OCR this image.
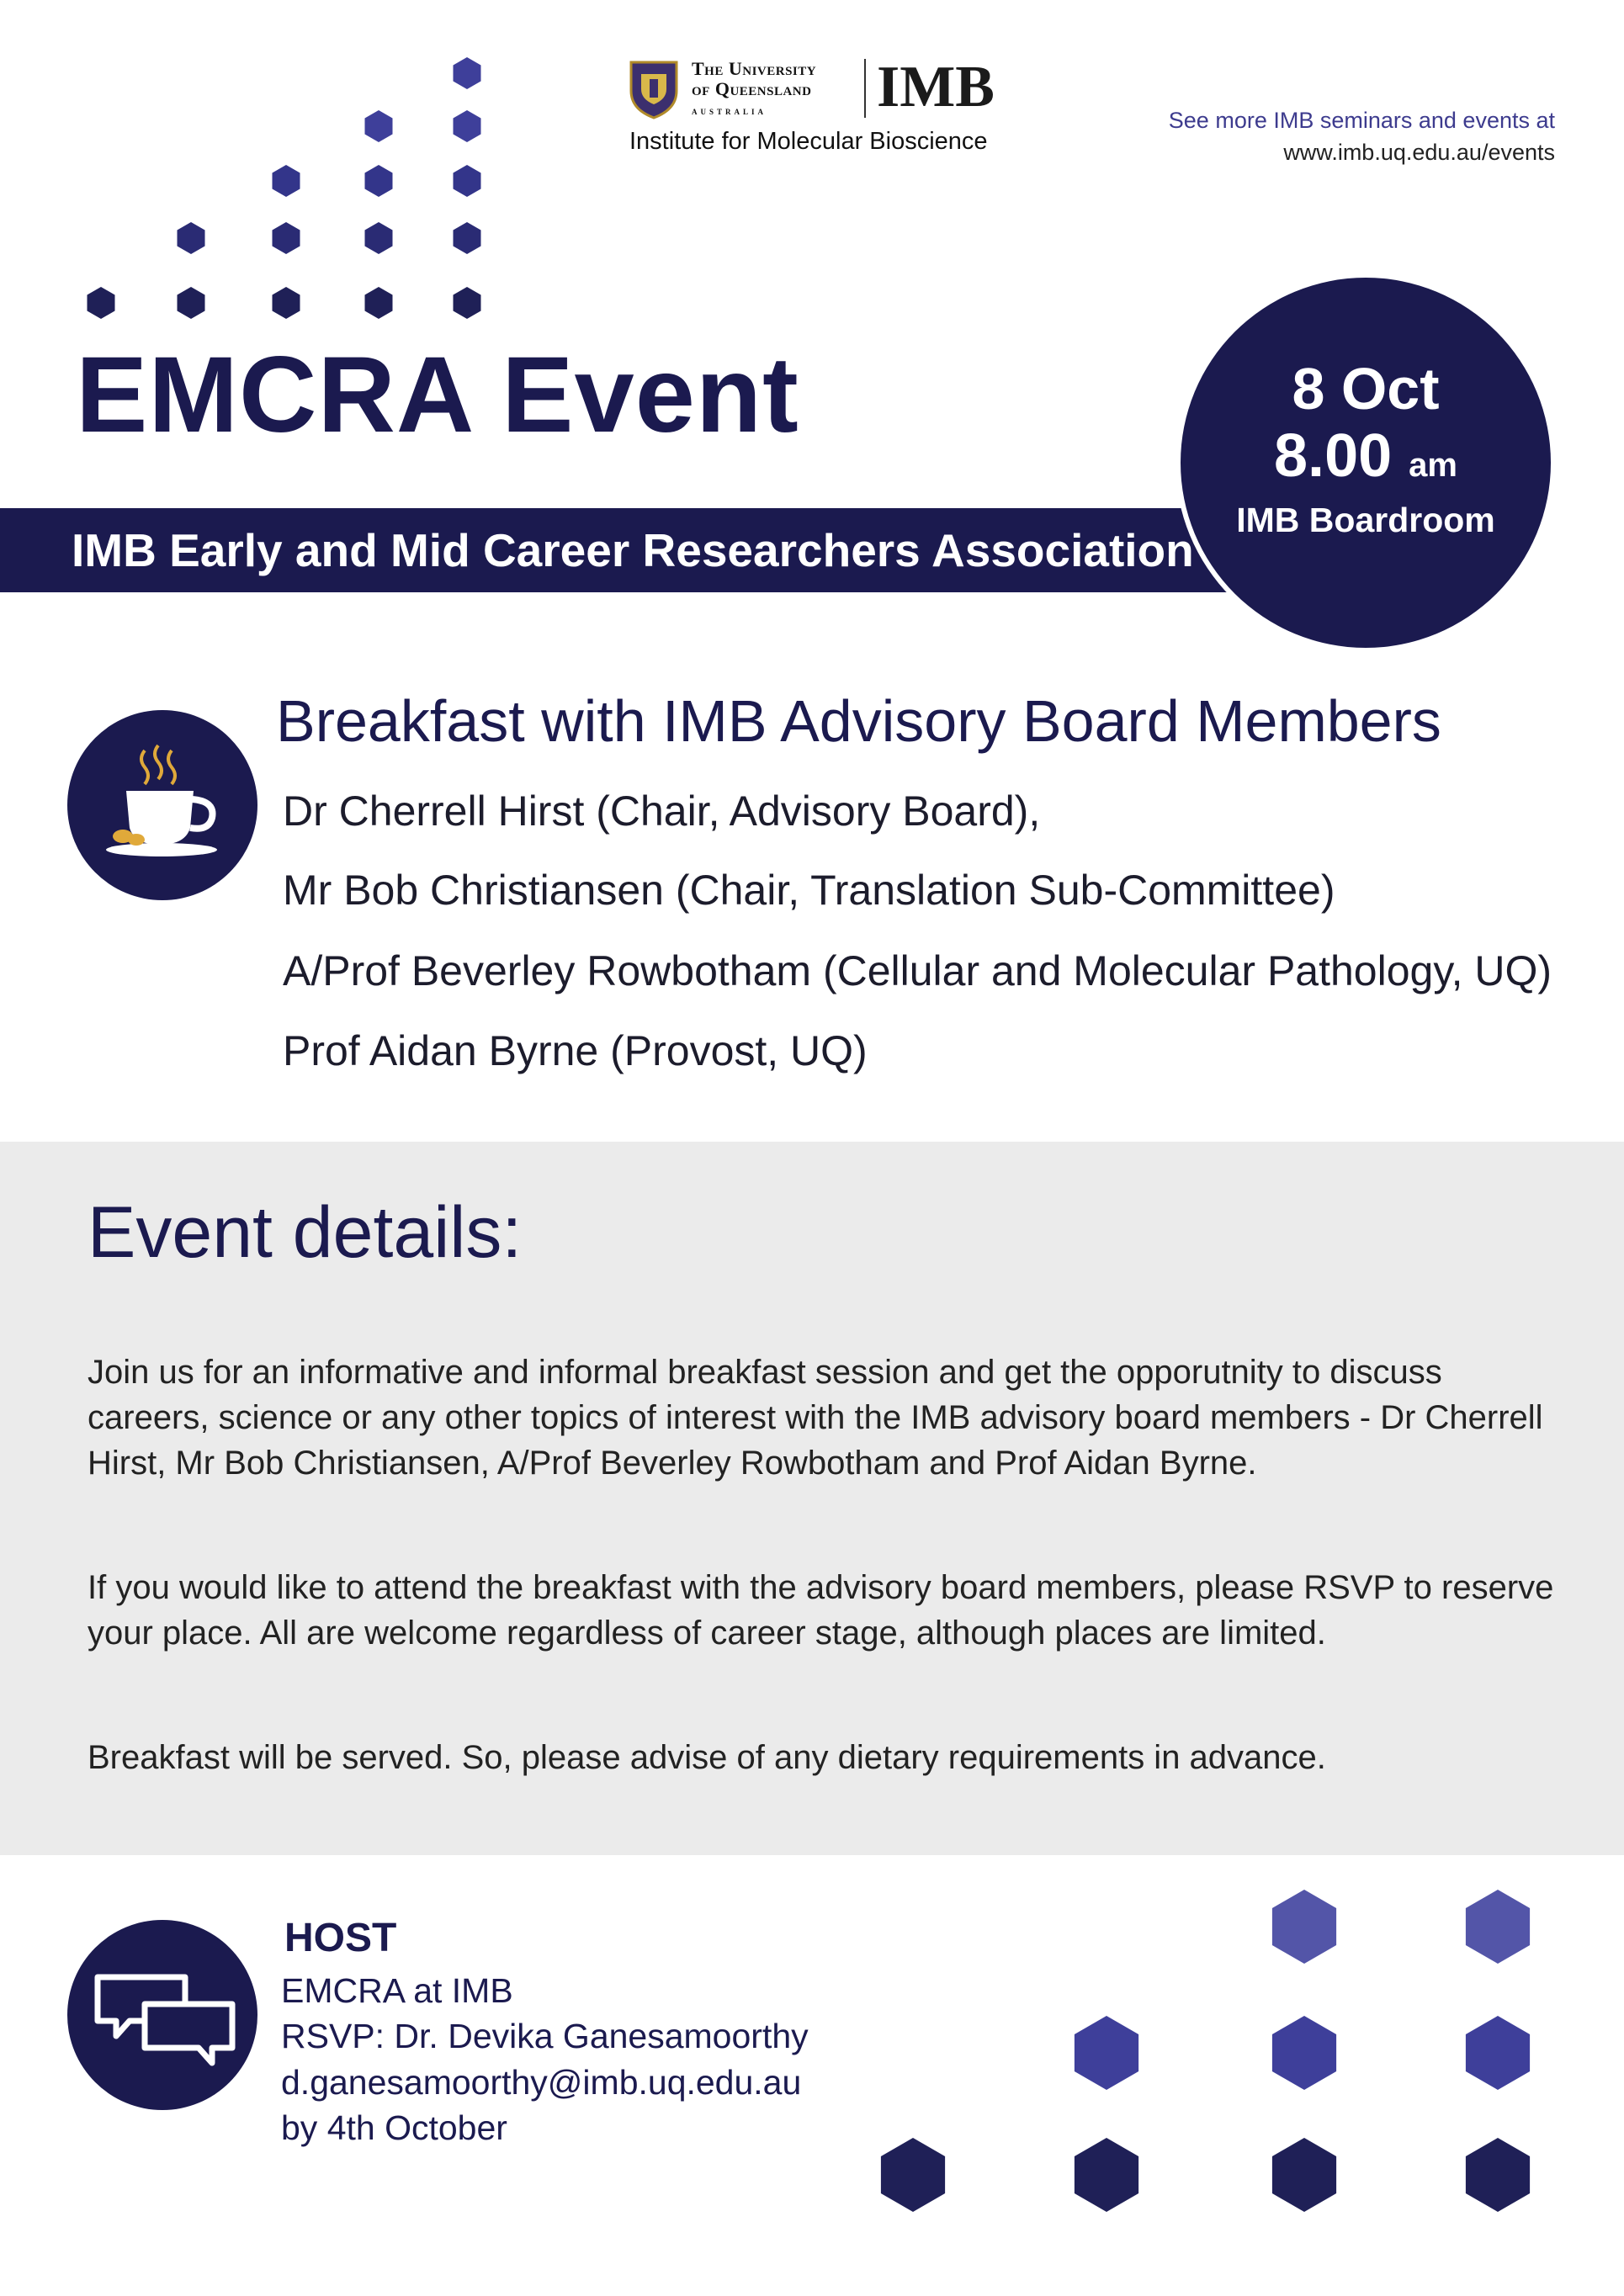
The University
of Queensland
AUSTRALIA IMB
Institute for Molecular Bioscience
See more IMB seminars and events at
www.imb.uq.edu.au/events
EMCRA Event
IMB Early and Mid Career Researchers Association
8 Oct
8.00 am
IMB Boardroom
Breakfast with IMB Advisory Board Members
Dr Cherrell Hirst (Chair, Advisory Board),
Mr Bob Christiansen (Chair, Translation Sub-Committee)
A/Prof Beverley Rowbotham (Cellular and Molecular Pathology, UQ)
Prof Aidan Byrne (Provost, UQ)
Event details:
Join us for an informative and informal breakfast session and get the opporutnity to discuss careers, science or any other topics of interest with the IMB advisory board members - Dr Cherrell Hirst, Mr Bob Christiansen, A/Prof Beverley Rowbotham and Prof Aidan Byrne.
If you would like to attend the breakfast with the advisory board members, please RSVP to reserve your place. All are welcome regardless of career stage, although places are limited.
Breakfast will be served. So, please advise of any dietary requirements in advance.
HOST
EMCRA at IMB
RSVP: Dr. Devika Ganesamoorthy
d.ganesamoorthy@imb.uq.edu.au
by 4th October
